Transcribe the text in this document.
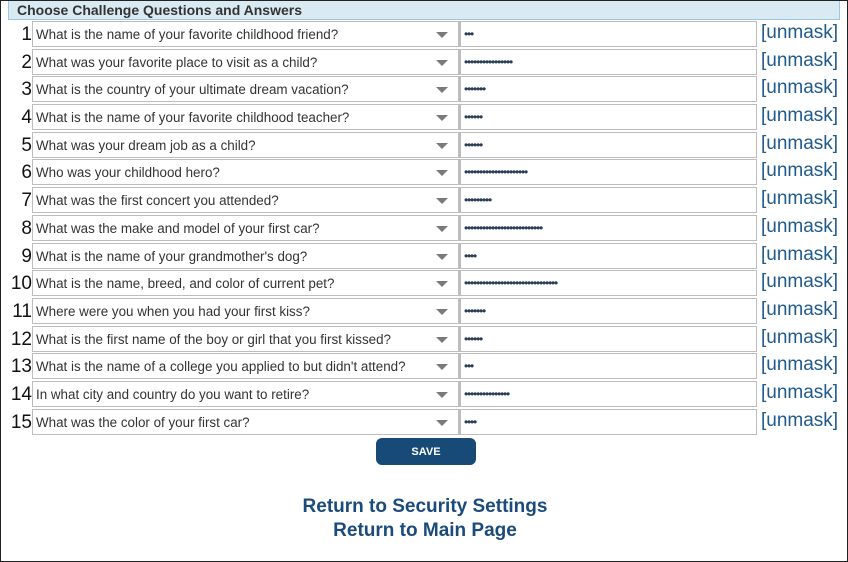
Choose Challenge Questions and Answers
1 What is the name of your favorite childhood friend?	•••	[unmask]
2 What was your favorite place to visit as a child?	••••••••••••••••	[unmask]
3 What is the country of your ultimate dream vacation?	•••••••	[unmask]
4 What is the name of your favorite childhood teacher?	••••••	[unmask]
5 What was your dream job as a child?	••••••	[unmask]
6 Who was your childhood hero?	•••••••••••••••••••••	[unmask]
7 What was the first concert you attended?	•••••••••	[unmask]
8 What was the make and model of your first car?	••••••••••••••••••••••••••	[unmask]
9 What is the name of your grandmother's dog?	••••	[unmask]
10 What is the name, breed, and color of current pet?	•••••••••••••••••••••••••••••••	[unmask]
11 Where were you when you had your first kiss?	•••••••	[unmask]
12 What is the first name of the boy or girl that you first kissed?	••••••	[unmask]
13 What is the name of a college you applied to but didn't attend?	•••	[unmask]
14 In what city and country do you want to retire?	•••••••••••••••	[unmask]
15 What was the color of your first car?	••••	[unmask]
SAVE
Return to Security Settings
Return to Main Page
